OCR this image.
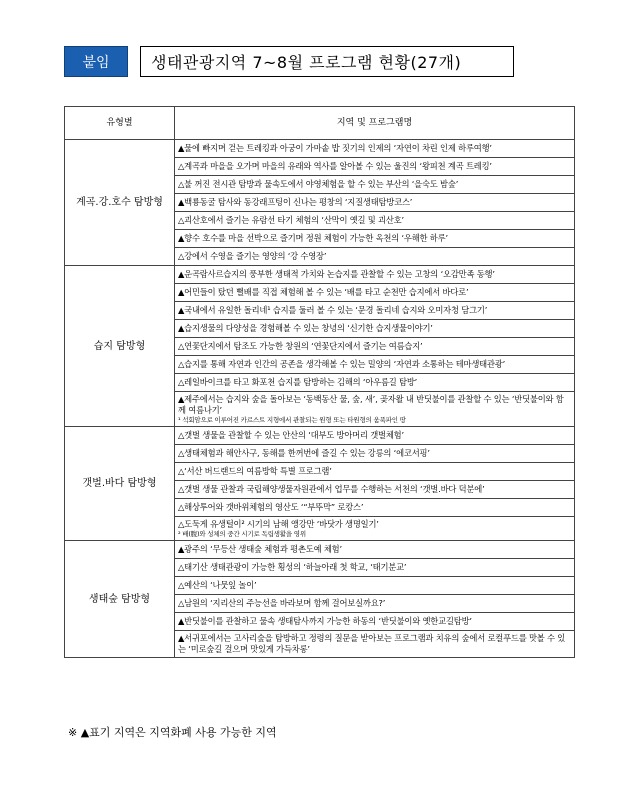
붙임	생태관광지역 7~8월 프로그램 현황(27개)
유형별	지역 및 프로그램명
계곡.강.호수 탐방형	▲물에 빠지며 걷는 트레킹과 아궁이 가마솥 밥 짓기의 인제의 ‘자연이 차린 인제 하루여행’
	△계곡과 마을을 오가며 마을의 유래와 역사를 알아볼 수 있는 울진의 ‘왕피천 계곡 트레킹’
	△불 꺼진 전시관 탐방과 물속도에서 야영체험을 할 수 있는 부산의 ‘을숙도 밤숲’
	▲백룡동굴 탐사와 동강래프팅이 신나는 평창의 ‘지질생태탐방코스’
	△괴산호에서 즐기는 유람선 타기 체험의 ‘산막이 옛길 및 괴산호’
	▲향수 호수를 마을 선박으로 즐기며 정원 체험이 가능한 옥천의 ‘우해한 하루’
	△강에서 수영을 즐기는 영양의 ‘강 수영장’
습지 탐방형	▲운곡람사르습지의 풍부한 생태적 가치와 논습지를 관찰할 수 있는 고창의 ‘오감만족 동행’
	▲어민들이 탔던 뻘배를 직접 체험해 볼 수 있는 ‘배를 타고 순천만 습지에서 바다로’
	▲국내에서 유일한 돌리네¹ 습지를 둘러 볼 수 있는 ‘문경 돌리네 습지와 오미자청 담그기’
	▲습지생물의 다양성을 경험해볼 수 있는 창녕의 ‘신기한 습지생물이야기’
	△연꽃단지에서 탐조도 가능한 창원의 ‘연꽃단지에서 즐기는 여름습지’
	△습지를 통해 자연과 인간의 공존을 생각해볼 수 있는 밀양의 ‘자연과 소통하는 테마생태관광’
	△레일바이크를 타고 화포천 습지를 탐방하는 김해의 ‘아우름길 탐방’
	▲제주에서는 습지와 숲을 돌아보는 ‘동백동산 물, 숲, 새’, 곶자왈 내 반딧불이를 관찰할 수 있는 ‘반딧불이와 함께 여름나기’
¹ 석회암으로 이루어진 카르스트 지형에서 관찰되는 원형 또는 타원형의 움푹파인 땅

갯벌.바다 탐방형	△갯벌 생물을 관찰할 수 있는 안산의 ‘대부도 방아머리 갯벌체험’
	△생태체험과 해안사구, 동해를 한꺼번에 즐길 수 있는 강릉의 ‘에코서핑’
	△‘서산 버드랜드의 여름방학 특별 프로그램’
	△갯벌 생물 관찰과 국립해양생물자원관에서 업무를 수행하는 서천의 ‘갯벌.바다 덕분에’
	△해상투어와 갯바위체험의 영산도 ‘“부뚜막” 로캉스’
	△도둑게 유생털이² 시기의 남해 앵강만 ‘바닷가 생명일기’
² 배(腹)와 성체의 중간 시기로 독립생활을 영위

생태숲 탐방형	▲광주의 ‘무등산 생태숲 체험과 평촌도예 체험’
	△태기산 생태관광이 가능한 횡성의 ‘하늘아래 첫 학교, ‘태기분교’
	△예산의 ‘나뭇잎 놀이’
	△남원의 ‘지리산의 주능선을 바라보며 함께 걸어보실까요?’
	▲반딧불이를 관찰하고 물속 생태탐사까지 가능한 하동의 ‘반딧불이와 옛한교길탐방’
	▲서귀포에서는 고사리숲을 탐방하고 정령의 질문을 받아보는 프로그램과 치유의 숲에서 로컬푸드를 맛볼 수 있는 ‘미로숲길 걸으며 맛있게 가득차롱’
※ ▲표기 지역은 지역화폐 사용 가능한 지역
